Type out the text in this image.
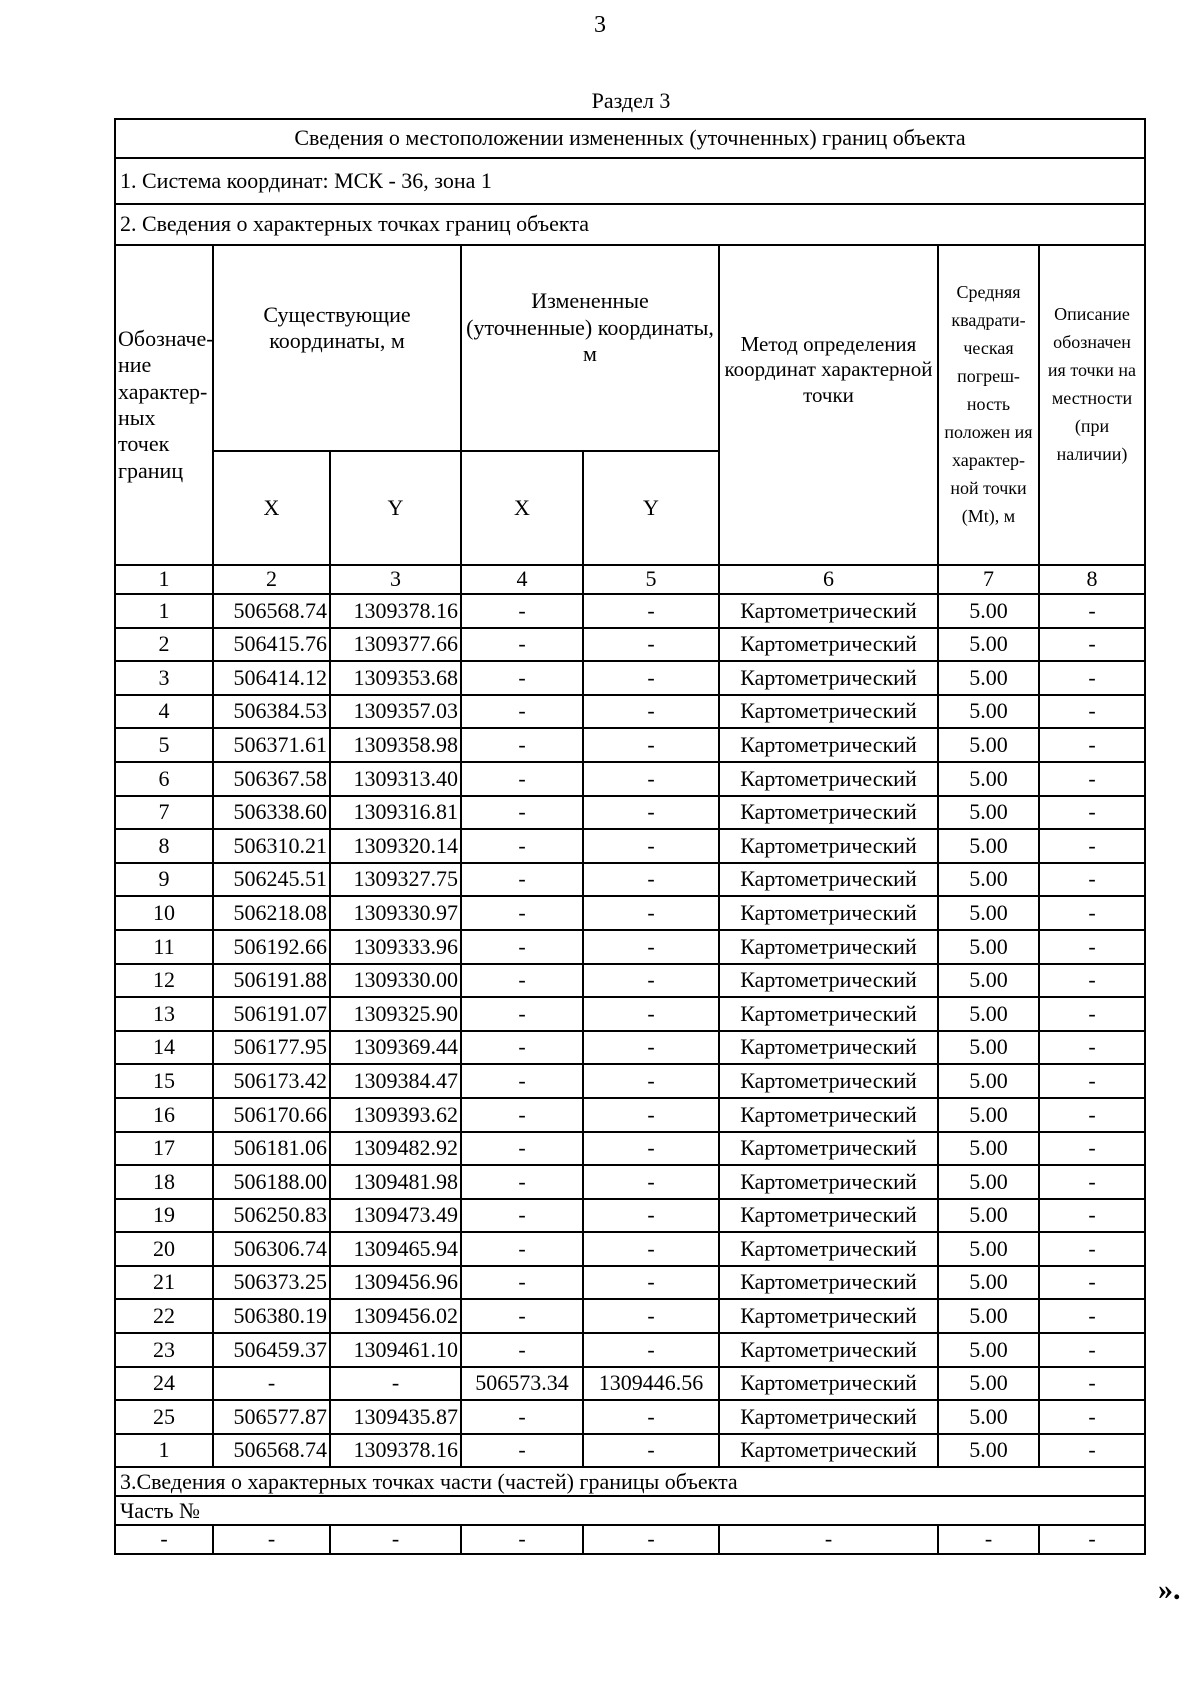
3
Раздел 3
Сведения о местоположении измененных (уточненных) границ объекта							
1. Система координат: МСК - 36, зона 1							
2. Сведения о характерных точках границ объекта							
Обозначе-ние характер-ных точек границ	Существующие координаты, м		Измененные (уточненные) координаты, м		Метод определения координат характерной точки	Средняя квадрати-ческая погреш-ность положен ия характер-ной точки (Mt), м	Описание обозначен ия точки на местности (при наличии)
	X	Y	X	Y			
1	2	3	4	5	6	7	8
1	506568.74	1309378.16	-	-	Картометрический	5.00	-
2	506415.76	1309377.66	-	-	Картометрический	5.00	-
3	506414.12	1309353.68	-	-	Картометрический	5.00	-
4	506384.53	1309357.03	-	-	Картометрический	5.00	-
5	506371.61	1309358.98	-	-	Картометрический	5.00	-
6	506367.58	1309313.40	-	-	Картометрический	5.00	-
7	506338.60	1309316.81	-	-	Картометрический	5.00	-
8	506310.21	1309320.14	-	-	Картометрический	5.00	-
9	506245.51	1309327.75	-	-	Картометрический	5.00	-
10	506218.08	1309330.97	-	-	Картометрический	5.00	-
11	506192.66	1309333.96	-	-	Картометрический	5.00	-
12	506191.88	1309330.00	-	-	Картометрический	5.00	-
13	506191.07	1309325.90	-	-	Картометрический	5.00	-
14	506177.95	1309369.44	-	-	Картометрический	5.00	-
15	506173.42	1309384.47	-	-	Картометрический	5.00	-
16	506170.66	1309393.62	-	-	Картометрический	5.00	-
17	506181.06	1309482.92	-	-	Картометрический	5.00	-
18	506188.00	1309481.98	-	-	Картометрический	5.00	-
19	506250.83	1309473.49	-	-	Картометрический	5.00	-
20	506306.74	1309465.94	-	-	Картометрический	5.00	-
21	506373.25	1309456.96	-	-	Картометрический	5.00	-
22	506380.19	1309456.02	-	-	Картометрический	5.00	-
23	506459.37	1309461.10	-	-	Картометрический	5.00	-
24	-	-	506573.34	1309446.56	Картометрический	5.00	-
25	506577.87	1309435.87	-	-	Картометрический	5.00	-
1	506568.74	1309378.16	-	-	Картометрический	5.00	-
3.Сведения о характерных точках части (частей) границы объекта							
Часть №							
-	-	-	-	-	-	-	-
».
